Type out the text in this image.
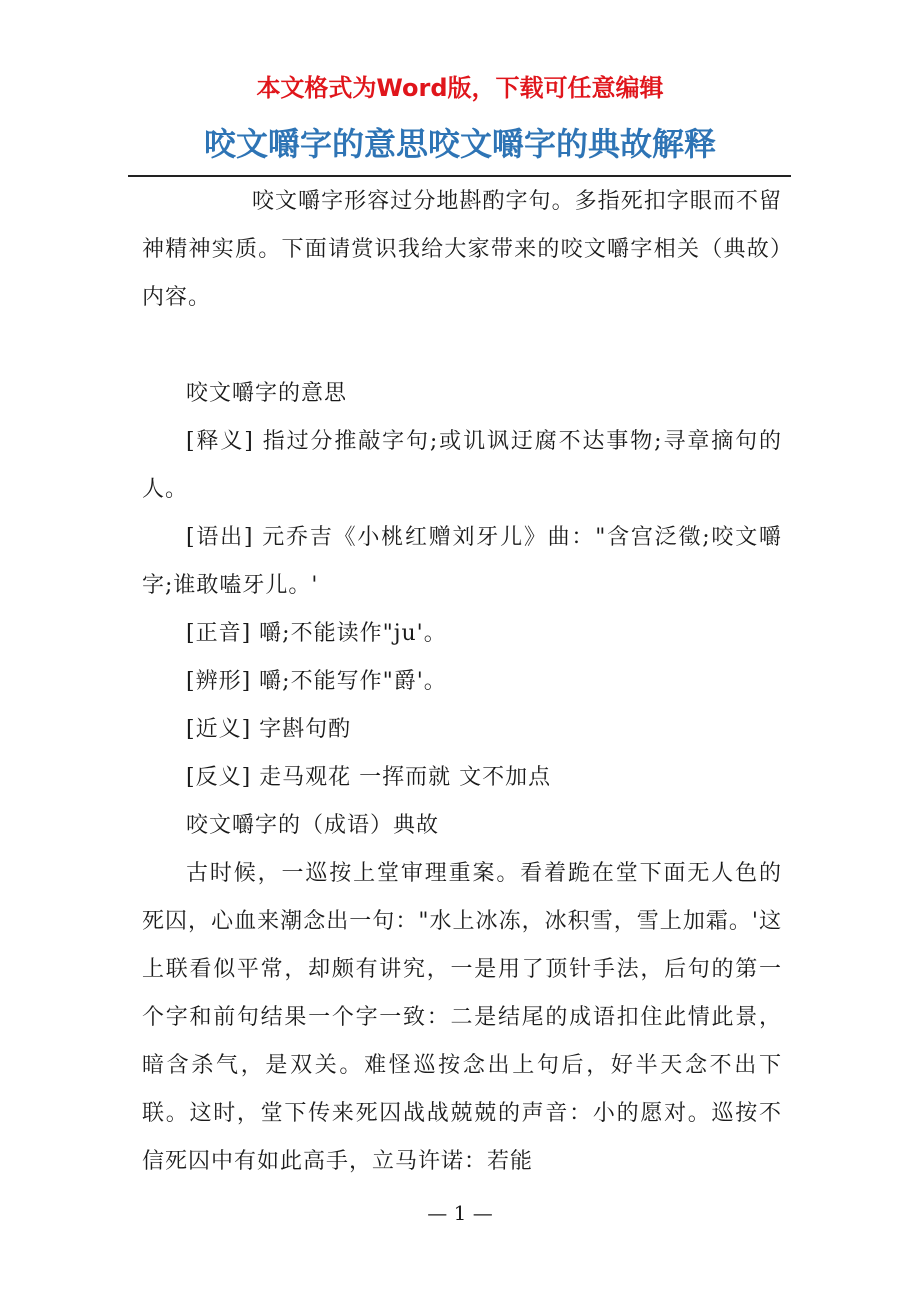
本文格式为Word版，下载可任意编辑
咬文嚼字的意思咬文嚼字的典故解释

咬文嚼字形容过分地斟酌字句。多指死扣字眼而不留神精神实质。下面请赏识我给大家带来的咬文嚼字相关（典故）内容。

咬文嚼字的意思

[释义] 指过分推敲字句;或讥讽迂腐不达事物;寻章摘句的人。

[语出] 元乔吉《小桃红赠刘牙儿》曲："含宫泛徵;咬文嚼字;谁敢嗑牙儿。'

[正音] 嚼;不能读作"ju'。

[辨形] 嚼;不能写作"爵'。

[近义] 字斟句酌

[反义] 走马观花 一挥而就 文不加点

咬文嚼字的（成语）典故

古时候，一巡按上堂审理重案。看着跪在堂下面无人色的死囚，心血来潮念出一句："水上冰冻，冰积雪，雪上加霜。'这上联看似平常，却颇有讲究，一是用了顶针手法，后句的第一个字和前句结果一个字一致：二是结尾的成语扣住此情此景，暗含杀气，是双关。难怪巡按念出上句后，好半天念不出下联。这时，堂下传来死囚战战兢兢的声音：小的愿对。巡按不信死囚中有如此高手，立马许诺：若能

— 1 —
